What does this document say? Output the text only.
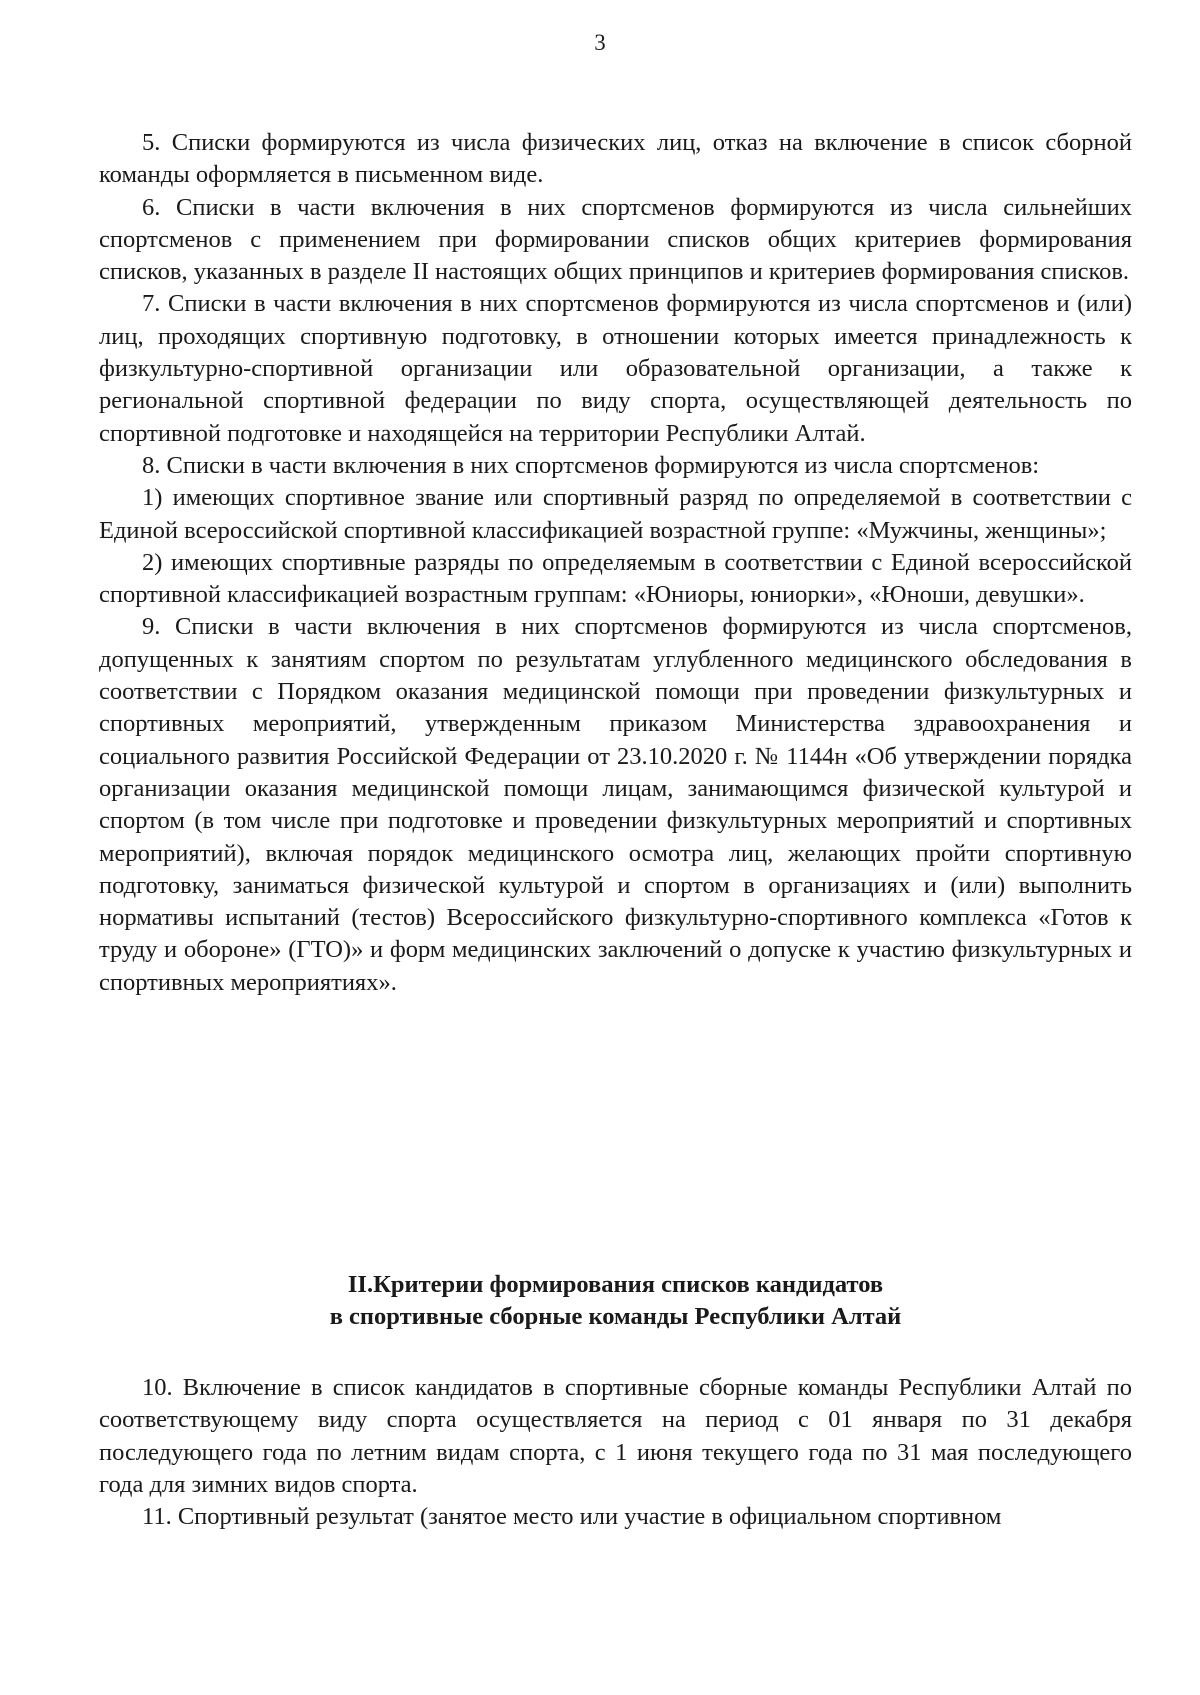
3

5. Списки формируются из числа физических лиц, отказ на включение в список сборной команды оформляется в письменном виде.

6. Списки в части включения в них спортсменов формируются из числа сильнейших спортсменов с применением при формировании списков общих критериев формирования списков, указанных в разделе II настоящих общих принципов и критериев формирования списков.

7. Списки в части включения в них спортсменов формируются из числа спортсменов и (или) лиц, проходящих спортивную подготовку, в отношении которых имеется принадлежность к физкультурно-спортивной организации или образовательной организации, а также к региональной спортивной федерации по виду спорта, осуществляющей деятельность по спортивной подготовке и находящейся на территории Республики Алтай.

8. Списки в части включения в них спортсменов формируются из числа спортсменов:

1) имеющих спортивное звание или спортивный разряд по определяемой в соответствии с Единой всероссийской спортивной классификацией возрастной группе: «Мужчины, женщины»;

2) имеющих спортивные разряды по определяемым в соответствии с Единой всероссийской спортивной классификацией возрастным группам: «Юниоры, юниорки», «Юноши, девушки».

9. Списки в части включения в них спортсменов формируются из числа спортсменов, допущенных к занятиям спортом по результатам углубленного медицинского обследования в соответствии с Порядком оказания медицинской помощи при проведении физкультурных и спортивных мероприятий, утвержденным приказом Министерства здравоохранения и социального развития Российской Федерации от 23.10.2020 г. № 1144н «Об утверждении порядка организации оказания медицинской помощи лицам, занимающимся физической культурой и спортом (в том числе при подготовке и проведении физкультурных мероприятий и спортивных мероприятий), включая порядок медицинского осмотра лиц, желающих пройти спортивную подготовку, заниматься физической культурой и спортом в организациях и (или) выполнить нормативы испытаний (тестов) Всероссийского физкультурно-спортивного комплекса «Готов к труду и обороне» (ГТО)» и форм медицинских заключений о допуске к участию физкультурных и спортивных мероприятиях».

II.Критерии формирования списков кандидатов
в спортивные сборные команды Республики Алтай

10. Включение в список кандидатов в спортивные сборные команды Республики Алтай по соответствующему виду спорта осуществляется на период с 01 января по 31 декабря последующего года по летним видам спорта, с 1 июня текущего года по 31 мая последующего года для зимних видов спорта.

11. Спортивный результат (занятое место или участие в официальном спортивном
